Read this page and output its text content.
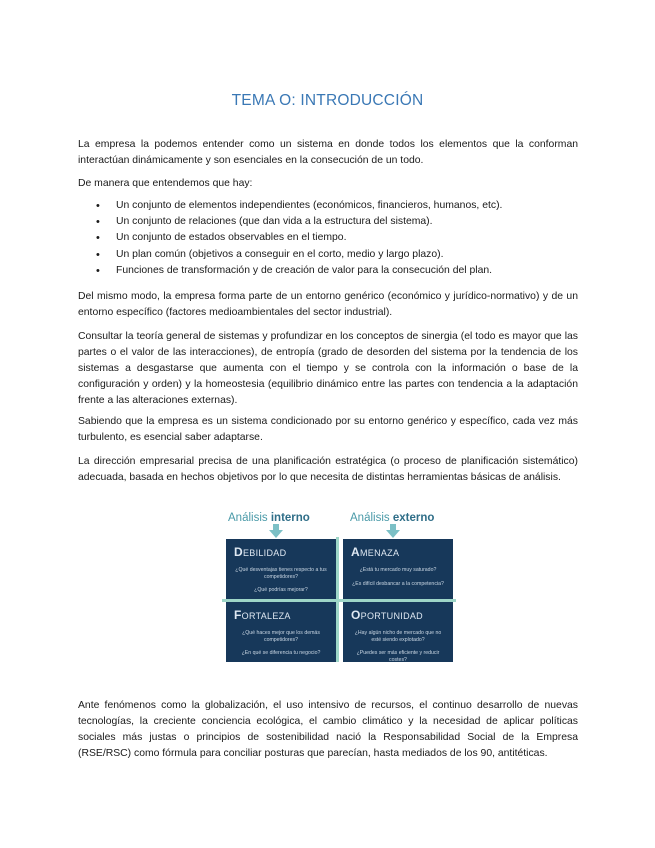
TEMA O: INTRODUCCIÓN
La empresa la podemos entender como un sistema en donde todos los elementos que la conforman interactúan dinámicamente y son esenciales en la consecución de un todo.
De manera que entendemos que hay:
• Un conjunto de elementos independientes (económicos, financieros, humanos, etc).
• Un conjunto de relaciones (que dan vida a la estructura del sistema).
• Un conjunto de estados observables en el tiempo.
• Un plan común (objetivos a conseguir en el corto, medio y largo plazo).
• Funciones de transformación y de creación de valor para la consecución del plan.
Del mismo modo, la empresa forma parte de un entorno genérico (económico y jurídico-normativo) y de un entorno específico (factores medioambientales del sector industrial).
Consultar la teoría general de sistemas y profundizar en los conceptos de sinergia (el todo es mayor que las partes o el valor de las interacciones), de entropía (grado de desorden del sistema por la tendencia de los sistemas a desgastarse que aumenta con el tiempo y se controla con la información o base de la configuración y orden) y la homeostesia (equilibrio dinámico entre las partes con tendencia a la adaptación frente a las alteraciones externas).
Sabiendo que la empresa es un sistema condicionado por su entorno genérico y específico, cada vez más turbulento, es esencial saber adaptarse.
La dirección empresarial precisa de una planificación estratégica (o proceso de planificación sistemático) adecuada, basada en hechos objetivos por lo que necesita de distintas herramientas básicas de análisis.
Análisis interno	Análisis externo
DEBILIDAD
¿Qué desventajas tienes respecto a tus competidores?
¿Qué podrías mejorar?
AMENAZA
¿Está tu mercado muy saturado?
¿Es difícil desbancar a la competencia?
FORTALEZA
¿Qué haces mejor que los demás competidores?
¿En qué se diferencia tu negocio?
OPORTUNIDAD
¿Hay algún nicho de mercado que no esté siendo explotado?
¿Puedes ser más eficiente y reducir costes?
Ante fenómenos como la globalización, el uso intensivo de recursos, el continuo desarrollo de nuevas tecnologías, la creciente conciencia ecológica, el cambio climático y la necesidad de aplicar políticas sociales más justas o principios de sostenibilidad nació la Responsabilidad Social de la Empresa (RSE/RSC) como fórmula para conciliar posturas que parecían, hasta mediados de los 90, antitéticas.
